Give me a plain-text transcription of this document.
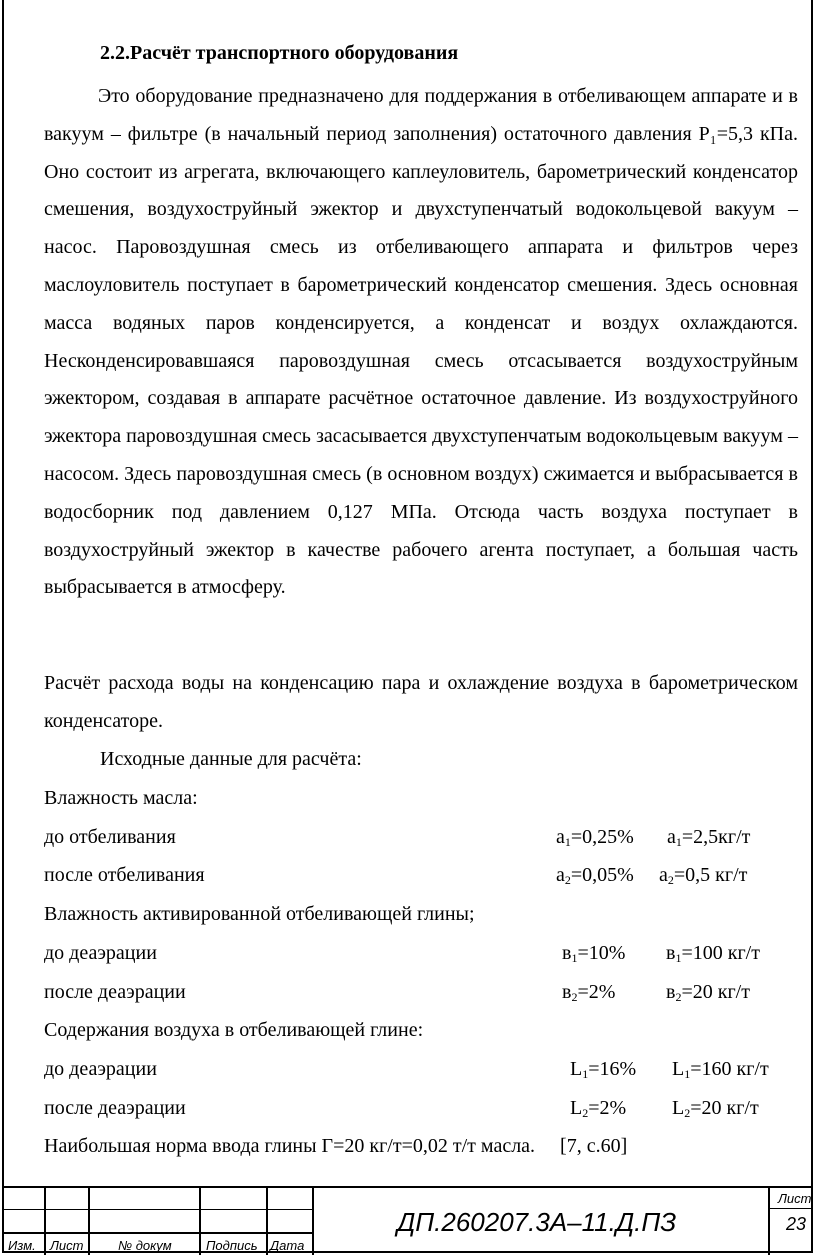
2.2.Расчёт транспортного оборудования
Это оборудование предназначено для поддержания в отбеливающем аппарате и в вакуум – фильтре (в начальный период заполнения) остаточного давления P₁=5,3 кПа. Оно состоит из агрегата, включающего каплеуловитель, барометрический конденсатор смешения, воздухоструйный эжектор и двухступенчатый водокольцевой вакуум – насос. Паровоздушная смесь из отбеливающего аппарата и фильтров через маслоуловитель поступает в барометрический конденсатор смешения. Здесь основная масса водяных паров конденсируется, а конденсат и воздух охлаждаются. Несконденсировавшаяся паровоздушная смесь отсасывается воздухоструйным эжектором, создавая в аппарате расчётное остаточное давление. Из воздухоструйного эжектора паровоздушная смесь засасывается двухступенчатым водокольцевым вакуум – насосом. Здесь паровоздушная смесь (в основном воздух) сжимается и выбрасывается в водосборник под давлением 0,127 МПа. Отсюда часть воздуха поступает в воздухоструйный эжектор в качестве рабочего агента поступает, а большая часть выбрасывается в атмосферу.
Расчёт расхода воды на конденсацию пара и охлаждение воздуха в барометрическом конденсаторе.
Исходные данные для расчёта:
Влажность масла:
до отбеливания	$a_1=0,25\%$ $a_1=2,5кг/т$
после отбеливания	$a_2=0,05\%$ $a_2=0,5$ кг/т
Влажность активированной отбеливающей глины;
до деаэрации	$в_1=10\%$ $в_1=100$ кг/т
после деаэрации	$в_2=2\%$	$в_2=20$ кг/т
Содержания воздуха в отбеливающей глине:
до деаэрации	$L_1=16\%$ $L_1=160$ кг/т
после деаэрации	$L_2=2\%$ $L_2=20$ кг/т
Наибольшая норма ввода глины Г=20 кг/т=0,02 т/т масла.     [7, с.60]
Изм. Лист	№ докум	Подпись Дата
ДП.260207.3А–11.Д.ПЗ
Лист
23
